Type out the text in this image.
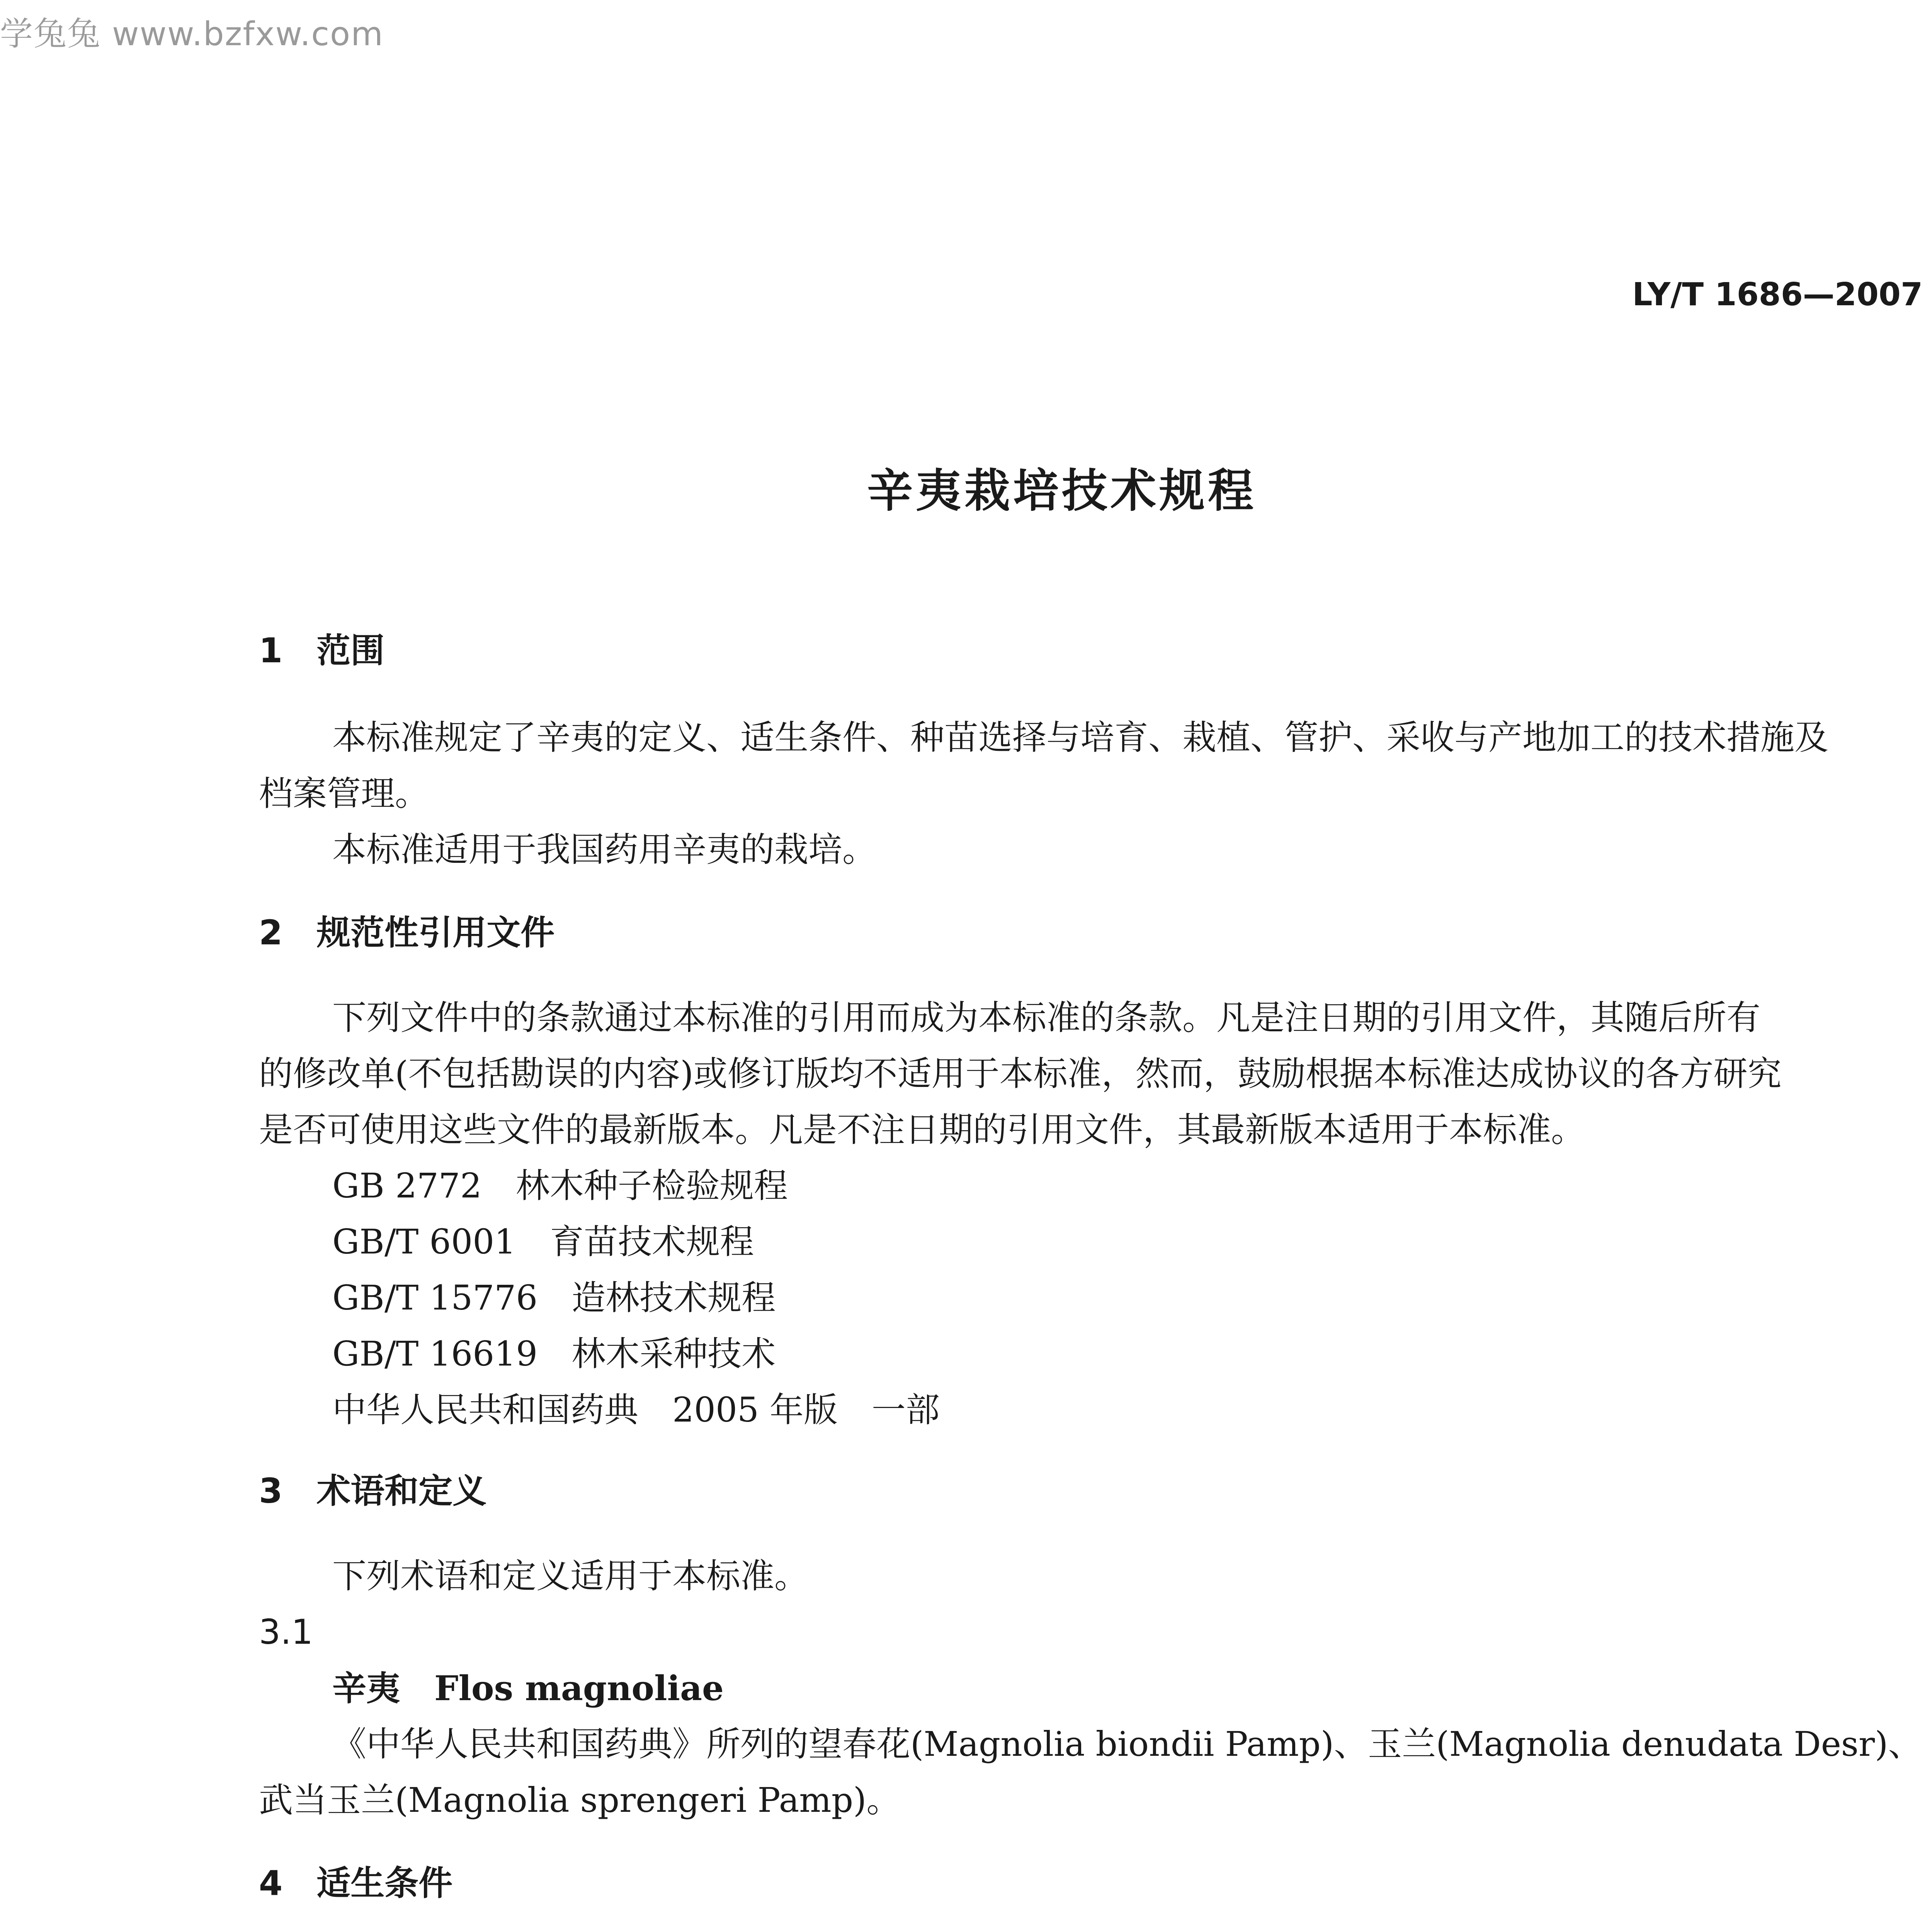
学兔兔 www.bzfxw.com
LY/T 1686—2007
辛夷栽培技术规程
1　范围
本标准规定了辛夷的定义、适生条件、种苗选择与培育、栽植、管护、采收与产地加工的技术措施及
档案管理。
本标准适用于我国药用辛夷的栽培。
2　规范性引用文件
下列文件中的条款通过本标准的引用而成为本标准的条款。凡是注日期的引用文件，其随后所有
的修改单(不包括勘误的内容)或修订版均不适用于本标准，然而，鼓励根据本标准达成协议的各方研究
是否可使用这些文件的最新版本。凡是不注日期的引用文件，其最新版本适用于本标准。
GB 2772　林木种子检验规程
GB/T 6001　育苗技术规程
GB/T 15776　造林技术规程
GB/T 16619　林木采种技术
中华人民共和国药典　2005 年版　一部
3　术语和定义
下列术语和定义适用于本标准。
3.1
辛夷　Flos magnoliae
《中华人民共和国药典》所列的望春花(Magnolia biondii Pamp)、玉兰(Magnolia denudata Desr)、
武当玉兰(Magnolia sprengeri Pamp)。
4　适生条件
